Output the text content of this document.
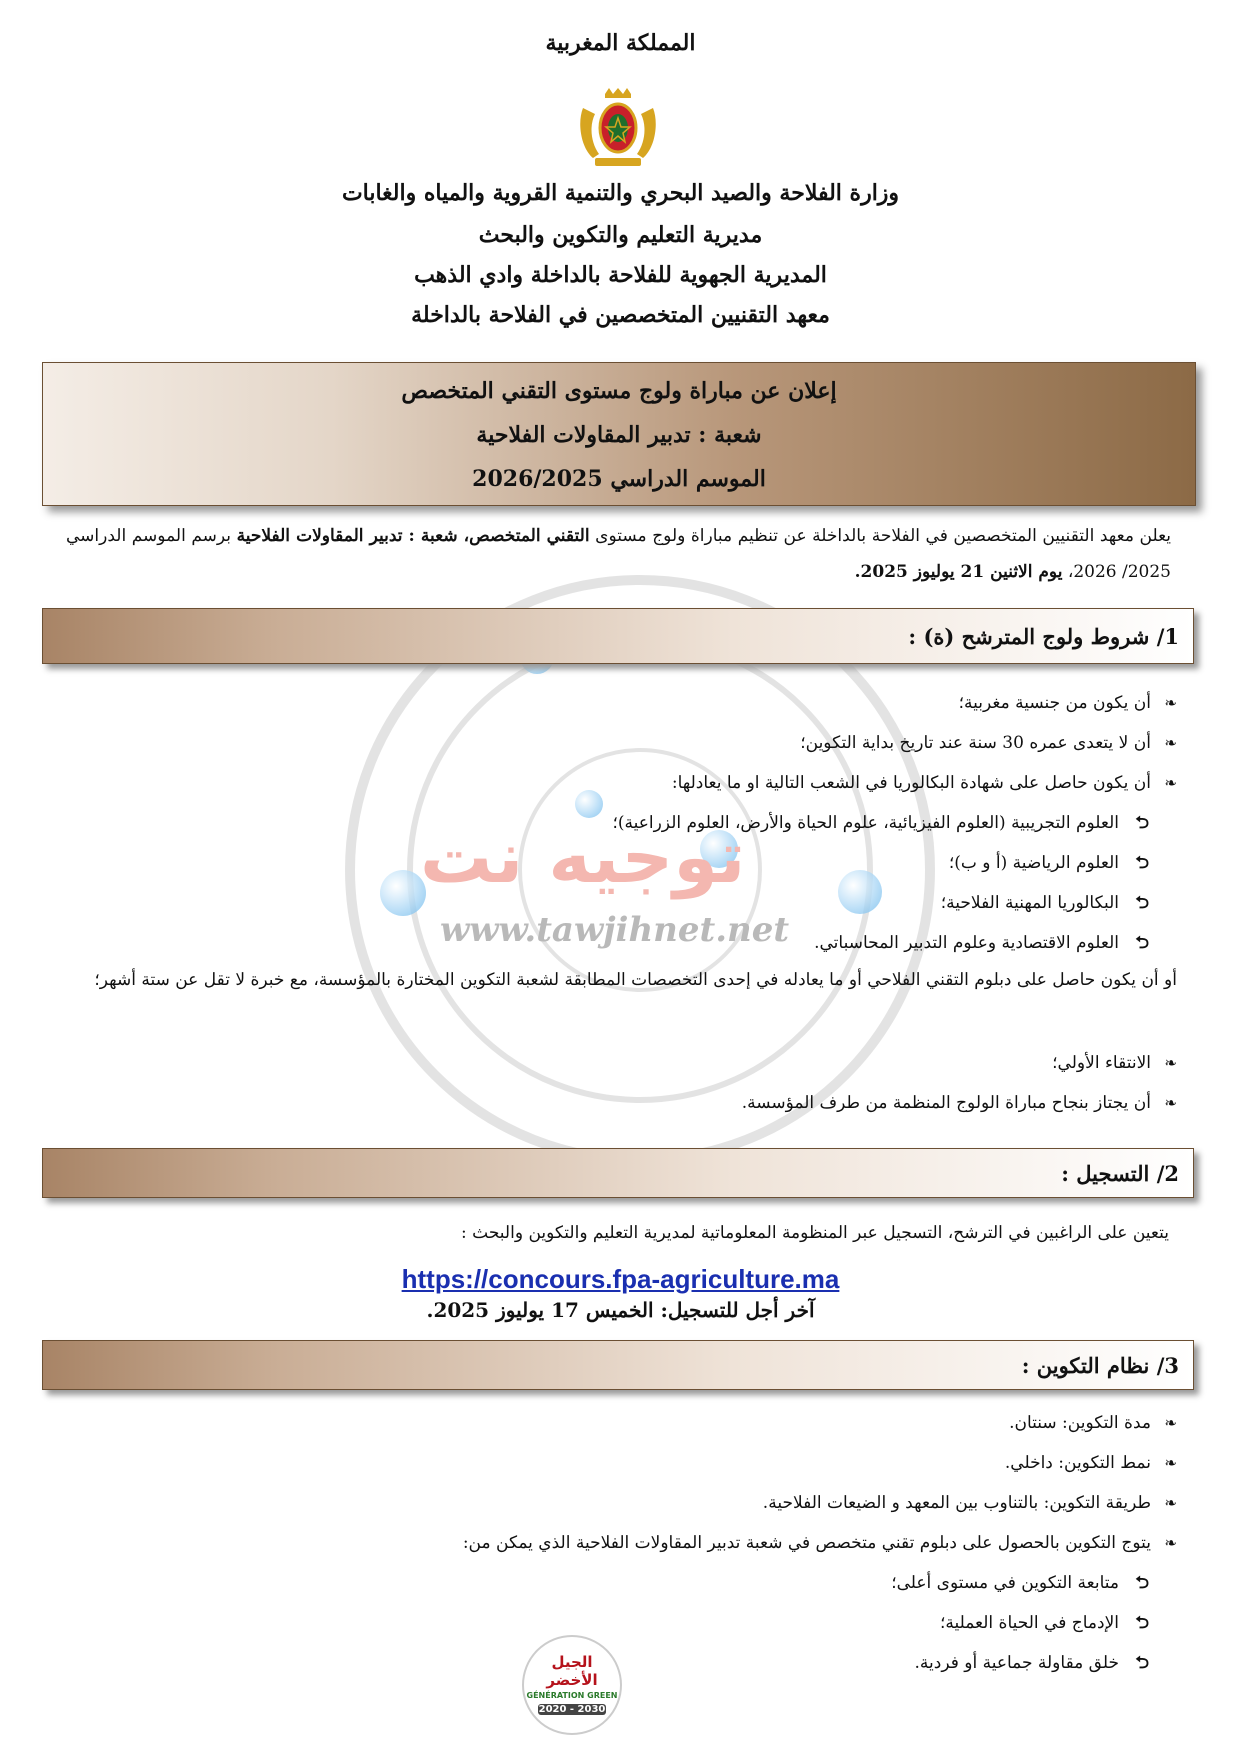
توجيه نت
www.tawjihnet.net
المملكة المغربية
وزارة الفلاحة والصيد البحري والتنمية القروية والمياه والغابات
مديرية التعليم والتكوين والبحث
المديرية الجهوية للفلاحة بالداخلة وادي الذهب
معهد التقنيين المتخصصين في الفلاحة بالداخلة
إعلان عن مباراة ولوج مستوى التقني المتخصص
شعبة : تدبير المقاولات الفلاحية
الموسم الدراسي 2026/2025
يعلن معهد التقنيين المتخصصين في الفلاحة بالداخلة عن تنظيم مباراة ولوج مستوى التقني المتخصص، شعبة : تدبير المقاولات الفلاحية برسم الموسم الدراسي 2025/ 2026، يوم الاثنين 21 يوليوز 2025.
1/ شروط ولوج المترشح (ة) :
❧أن يكون من جنسية مغربية؛
❧أن لا يتعدى عمره 30 سنة عند تاريخ بداية التكوين؛
❧أن يكون حاصل على شهادة البكالوريا في الشعب التالية او ما يعادلها:
⮌العلوم التجريبية (العلوم الفيزيائية، علوم الحياة والأرض، العلوم الزراعية)؛
⮌العلوم الرياضية (أ و ب)؛
⮌البكالوريا المهنية الفلاحية؛
⮌العلوم الاقتصادية وعلوم التدبير المحاسباتي.
أو أن يكون حاصل على دبلوم التقني الفلاحي أو ما يعادله في إحدى التخصصات المطابقة لشعبة التكوين المختارة بالمؤسسة، مع خبرة لا تقل عن ستة أشهر؛
❧الانتقاء الأولي؛
❧أن يجتاز بنجاح مباراة الولوج المنظمة من طرف المؤسسة.
2/ التسجيل :
يتعين على الراغبين في الترشح، التسجيل عبر المنظومة المعلوماتية لمديرية التعليم والتكوين والبحث :
https://concours.fpa-agriculture.ma
آخر أجل للتسجيل: الخميس 17 يوليوز 2025.
3/ نظام التكوين :
❧مدة التكوين: سنتان.
❧نمط التكوين: داخلي.
❧طريقة التكوين: بالتناوب بين المعهد و الضيعات الفلاحية.
❧يتوج التكوين بالحصول على دبلوم تقني متخصص في شعبة تدبير المقاولات الفلاحية الذي يمكن من:
⮌متابعة التكوين في مستوى أعلى؛
⮌الإدماج في الحياة العملية؛
⮌خلق مقاولة جماعية أو فردية.
الجيل الأخضر
GÉNÉRATION GREEN
2020 - 2030
